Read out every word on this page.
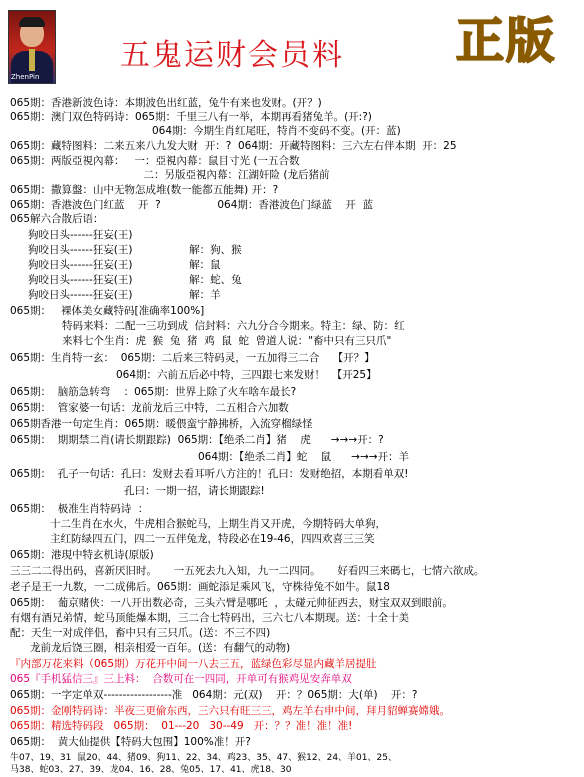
ZhenPin
五鬼运财会员料 正版
065期：香港新波色诗：本期波色出红蓝，兔牛有来也发财。(开？)
065期：澳门双色特码诗：065期：千里三八有一举，本期再看猪兔羊。(开:?)
064期：今期生肖红尾旺，特肖不变码不变。(开：蓝)
065期：藏特图料：二来五来八九发大财  开：?  064期：开藏特图料：三六左右伴本期  开：25
065期：两版亞視內幕：   一：亞視內幕：鼠目寸光 (一五合数
二：另版亞視內幕：江湖奸险 (龙后猪前
065期：撒算盤：山中无物怎成堆(数一能都五能舞) 开：?
065期：香港波色门红蓝    开  ?                 064期：香港波色门绿蓝    开  蓝
065解六合散后语：
狗咬日头------狂妄(王)
狗咬日头------狂妄(王)                 解：狗、猴
狗咬日头------狂妄(王)                 解：鼠
狗咬日头------狂妄(王)                 解：蛇、兔
狗咬日头------狂妄(王)                 解：羊
065期：   裸体美女藏特码[准确率100%]
特码来料：二配一三功到成  信封料：六九分合今期来。特主：绿、防：红
来料七个生肖：虎  猴  兔  猪  鸡  鼠  蛇  曾道人说："畜中只有三只爪"
065期：生肖特一玄：  065期：二后来三特码灵，一五加得三二合    【开？】
064期：六前五后必中特，三四跟七来发财！  【开25】
065期：  脑筋急转弯    ：065期：世界上除了火车啥车最长?
065期：  管家婆一句话：龙前龙后三中特，二五相合六加数
065期香港一句定生肖：065期：暖偎蛮宁静拂桥，入流穿榴绿怪
065期：  期期禁二肖(请长期跟踪)  065期：【绝杀二肖】猪    虎      →→→开：?
064期：【绝杀二肖】蛇    鼠      →→→开：羊
065期：  孔子一句话：孔曰：发财去看耳听八方注的！孔曰：发财绝招，本期看单双!
孔曰：一期一招，请长期跟踪!
065期：  极准生肖特码诗  ：
十二生肖在水火，牛虎相合猴蛇马，上期生肖又开虎，今期特码大单狗，
主红防绿四五门，四二一五伴兔龙，特段必在19-46，四四欢喜三三笑
065期：港現中特玄机诗(原版)
三三二二得出码，喜新厌旧时。     一五死去九入知，九一二四同。     好看四三来碼七，七情六欲成。
老子是王一九数，一二成佛后。065期：画蛇添足乘风飞，守株待兔不如牛。鼠18
065期：  葡京赌侠：一八开出数必奇，三头六臂是哪吒  ，太碰元帅征西去，财宝双双到眼前。
有烟有酒兄弟情，蛇马顶能爆本期，三二合七特码出，三六七八本期现。送：十全十美
配：天生一对成伴侣，畜中只有三只爪。(送：不三不四)
龙前龙后饶三圈，相亲相爱一百年。(送：有翻气的动物)
『内部万花来料（065期）万花开中间一八去三五，蓝绿色彩尽显内藏羊居提肚
065『手机猛信三』三上料：  合数可在一四同，开单可有猴鸡见安奔单双
065期：一字定单双------------------准   064期：元(双)    开：？065期：大(单)    开：?
065期：金刚特码诗：半夜三更偷东西，三六只有旺三三，鸡左羊右申中间，拜月貂蝉赛嫦娥。
065期：精选特码段   065期：  01---20   30--49   开：？？准！准！准!
065期：  黄大仙提供【特码大包围】100%准！开?
牛07、19、31  鼠20、44、猪09、狗11、22、34、鸡23、35、47、猴12、24、羊01、25、
马38、蛇03、27、39、龙04、16、28、兔05、17、41、虎18、30
